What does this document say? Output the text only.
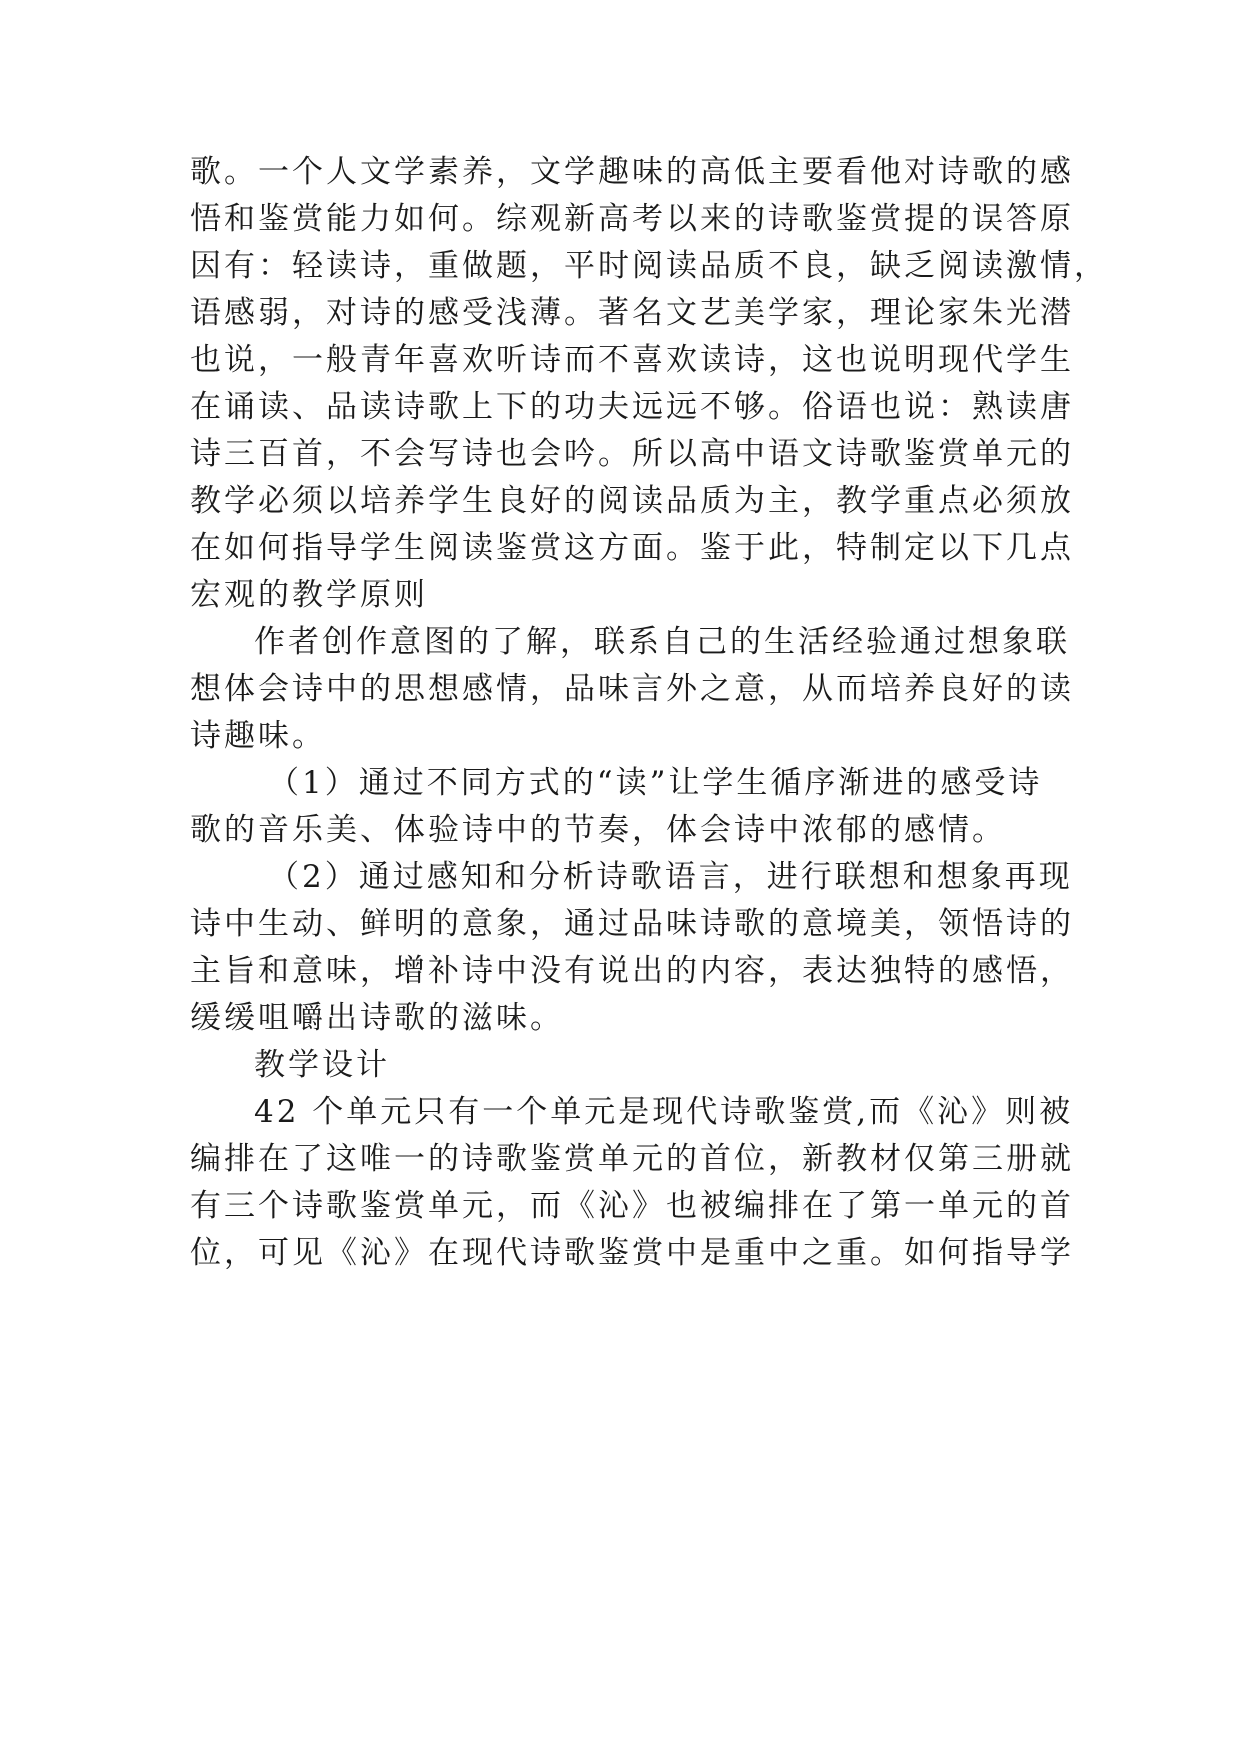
歌。一个人文学素养，文学趣味的高低主要看他对诗歌的感
悟和鉴赏能力如何。综观新高考以来的诗歌鉴赏提的误答原
因有：轻读诗，重做题，平时阅读品质不良，缺乏阅读激情，
语感弱，对诗的感受浅薄。著名文艺美学家，理论家朱光潜
也说，一般青年喜欢听诗而不喜欢读诗，这也说明现代学生
在诵读、品读诗歌上下的功夫远远不够。俗语也说：熟读唐
诗三百首，不会写诗也会吟。所以高中语文诗歌鉴赏单元的
教学必须以培养学生良好的阅读品质为主，教学重点必须放
在如何指导学生阅读鉴赏这方面。鉴于此，特制定以下几点
宏观的教学原则
作者创作意图的了解，联系自己的生活经验通过想象联
想体会诗中的思想感情，品味言外之意，从而培养良好的读
诗趣味。
（1）通过不同方式的“读”让学生循序渐进的感受诗
歌的音乐美、体验诗中的节奏，体会诗中浓郁的感情。
（2）通过感知和分析诗歌语言，进行联想和想象再现
诗中生动、鲜明的意象，通过品味诗歌的意境美，领悟诗的
主旨和意味，增补诗中没有说出的内容，表达独特的感悟，
缓缓咀嚼出诗歌的滋味。
教学设计
42 个单元只有一个单元是现代诗歌鉴赏,而《沁》则被
编排在了这唯一的诗歌鉴赏单元的首位，新教材仅第三册就
有三个诗歌鉴赏单元，而《沁》也被编排在了第一单元的首
位，可见《沁》在现代诗歌鉴赏中是重中之重。如何指导学
